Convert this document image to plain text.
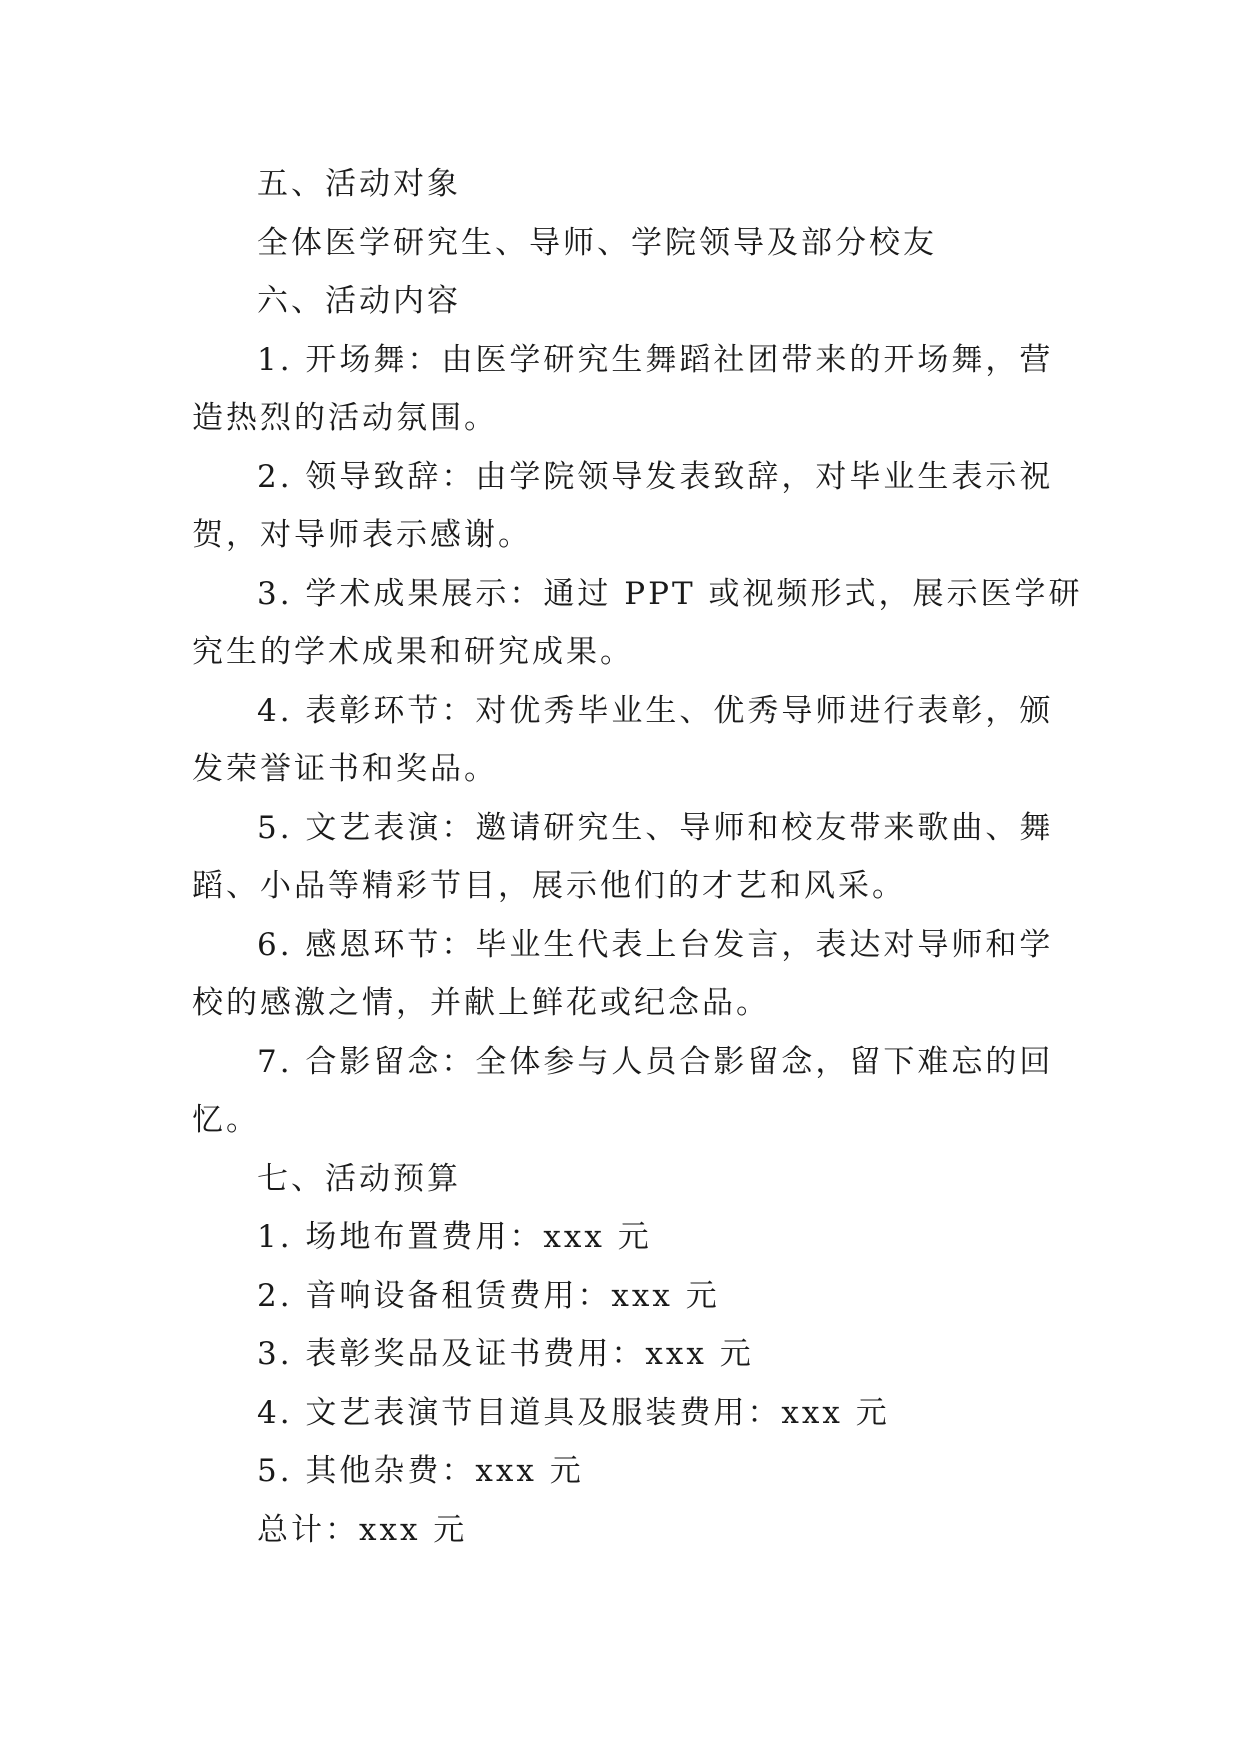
五、活动对象
全体医学研究生、导师、学院领导及部分校友
六、活动内容
1. 开场舞：由医学研究生舞蹈社团带来的开场舞，营
造热烈的活动氛围。
2. 领导致辞：由学院领导发表致辞，对毕业生表示祝
贺，对导师表示感谢。
3. 学术成果展示：通过 PPT 或视频形式，展示医学研
究生的学术成果和研究成果。
4. 表彰环节：对优秀毕业生、优秀导师进行表彰，颁
发荣誉证书和奖品。
5. 文艺表演：邀请研究生、导师和校友带来歌曲、舞
蹈、小品等精彩节目，展示他们的才艺和风采。
6. 感恩环节：毕业生代表上台发言，表达对导师和学
校的感激之情，并献上鲜花或纪念品。
7. 合影留念：全体参与人员合影留念，留下难忘的回
忆。
七、活动预算
1. 场地布置费用：xxx 元
2. 音响设备租赁费用：xxx 元
3. 表彰奖品及证书费用：xxx 元
4. 文艺表演节目道具及服装费用：xxx 元
5. 其他杂费：xxx 元
总计：xxx 元
